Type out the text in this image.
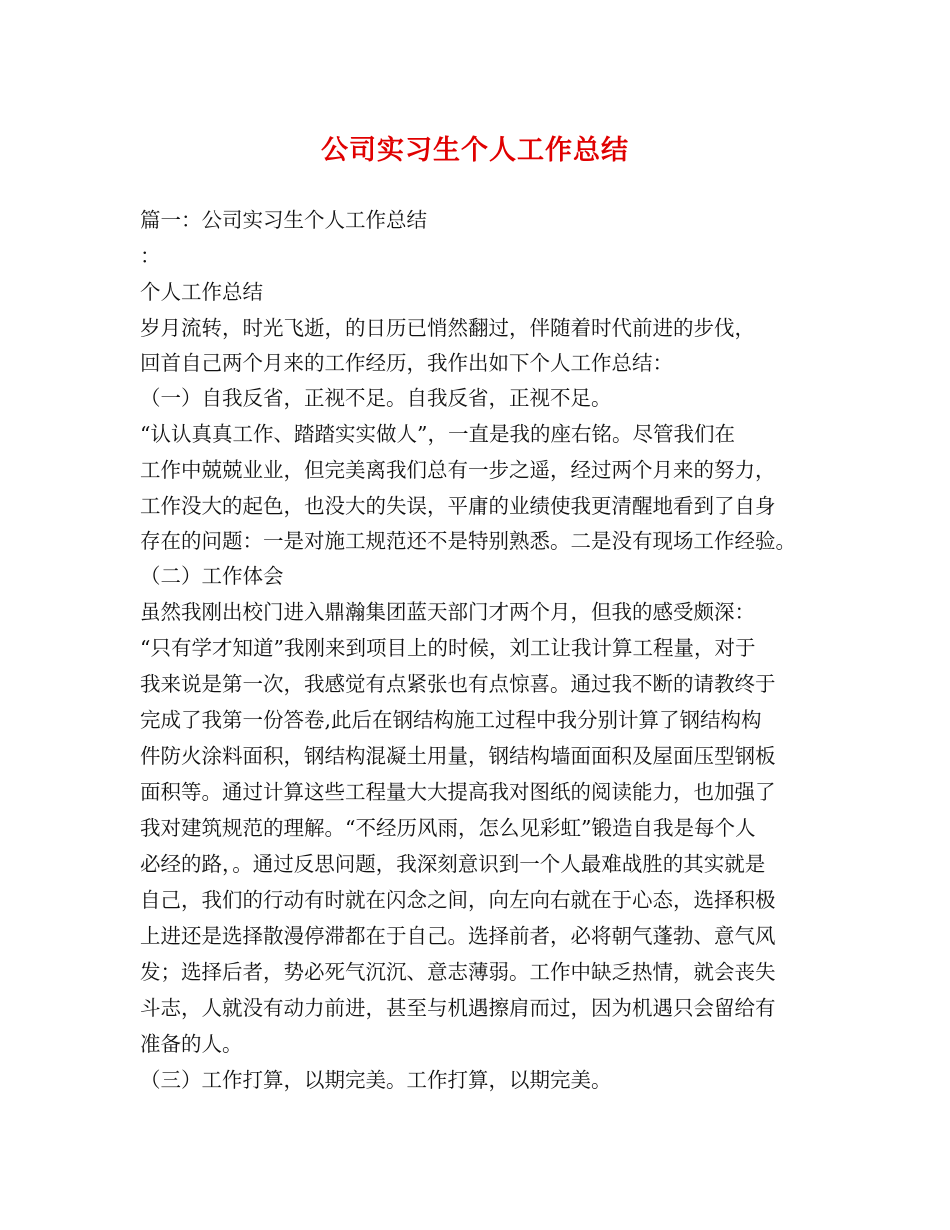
公司实习生个人工作总结

篇一：公司实习生个人工作总结

：

个人工作总结

岁月流转，时光飞逝，的日历已悄然翻过，伴随着时代前进的步伐，

回首自己两个月来的工作经历，我作出如下个人工作总结：

（一）自我反省，正视不足。自我反省，正视不足。

“认认真真工作、踏踏实实做人”，一直是我的座右铭。尽管我们在

工作中兢兢业业，但完美离我们总有一步之遥，经过两个月来的努力，

工作没大的起色，也没大的失误，平庸的业绩使我更清醒地看到了自身

存在的问题：一是对施工规范还不是特别熟悉。二是没有现场工作经验。

（二）工作体会

虽然我刚出校门进入鼎瀚集团蓝天部门才两个月，但我的感受颇深：

“只有学才知道”我刚来到项目上的时候，刘工让我计算工程量，对于

我来说是第一次，我感觉有点紧张也有点惊喜。通过我不断的请教终于

完成了我第一份答卷,此后在钢结构施工过程中我分别计算了钢结构构

件防火涂料面积，钢结构混凝土用量，钢结构墙面面积及屋面压型钢板

面积等。通过计算这些工程量大大提高我对图纸的阅读能力，也加强了

我对建筑规范的理解。“不经历风雨，怎么见彩虹”锻造自我是每个人

必经的路，。通过反思问题，我深刻意识到一个人最难战胜的其实就是

自己，我们的行动有时就在闪念之间，向左向右就在于心态，选择积极

上进还是选择散漫停滞都在于自己。选择前者，必将朝气蓬勃、意气风

发；选择后者，势必死气沉沉、意志薄弱。工作中缺乏热情，就会丧失

斗志，人就没有动力前进，甚至与机遇擦肩而过，因为机遇只会留给有

准备的人。

（三）工作打算，以期完美。工作打算，以期完美。
